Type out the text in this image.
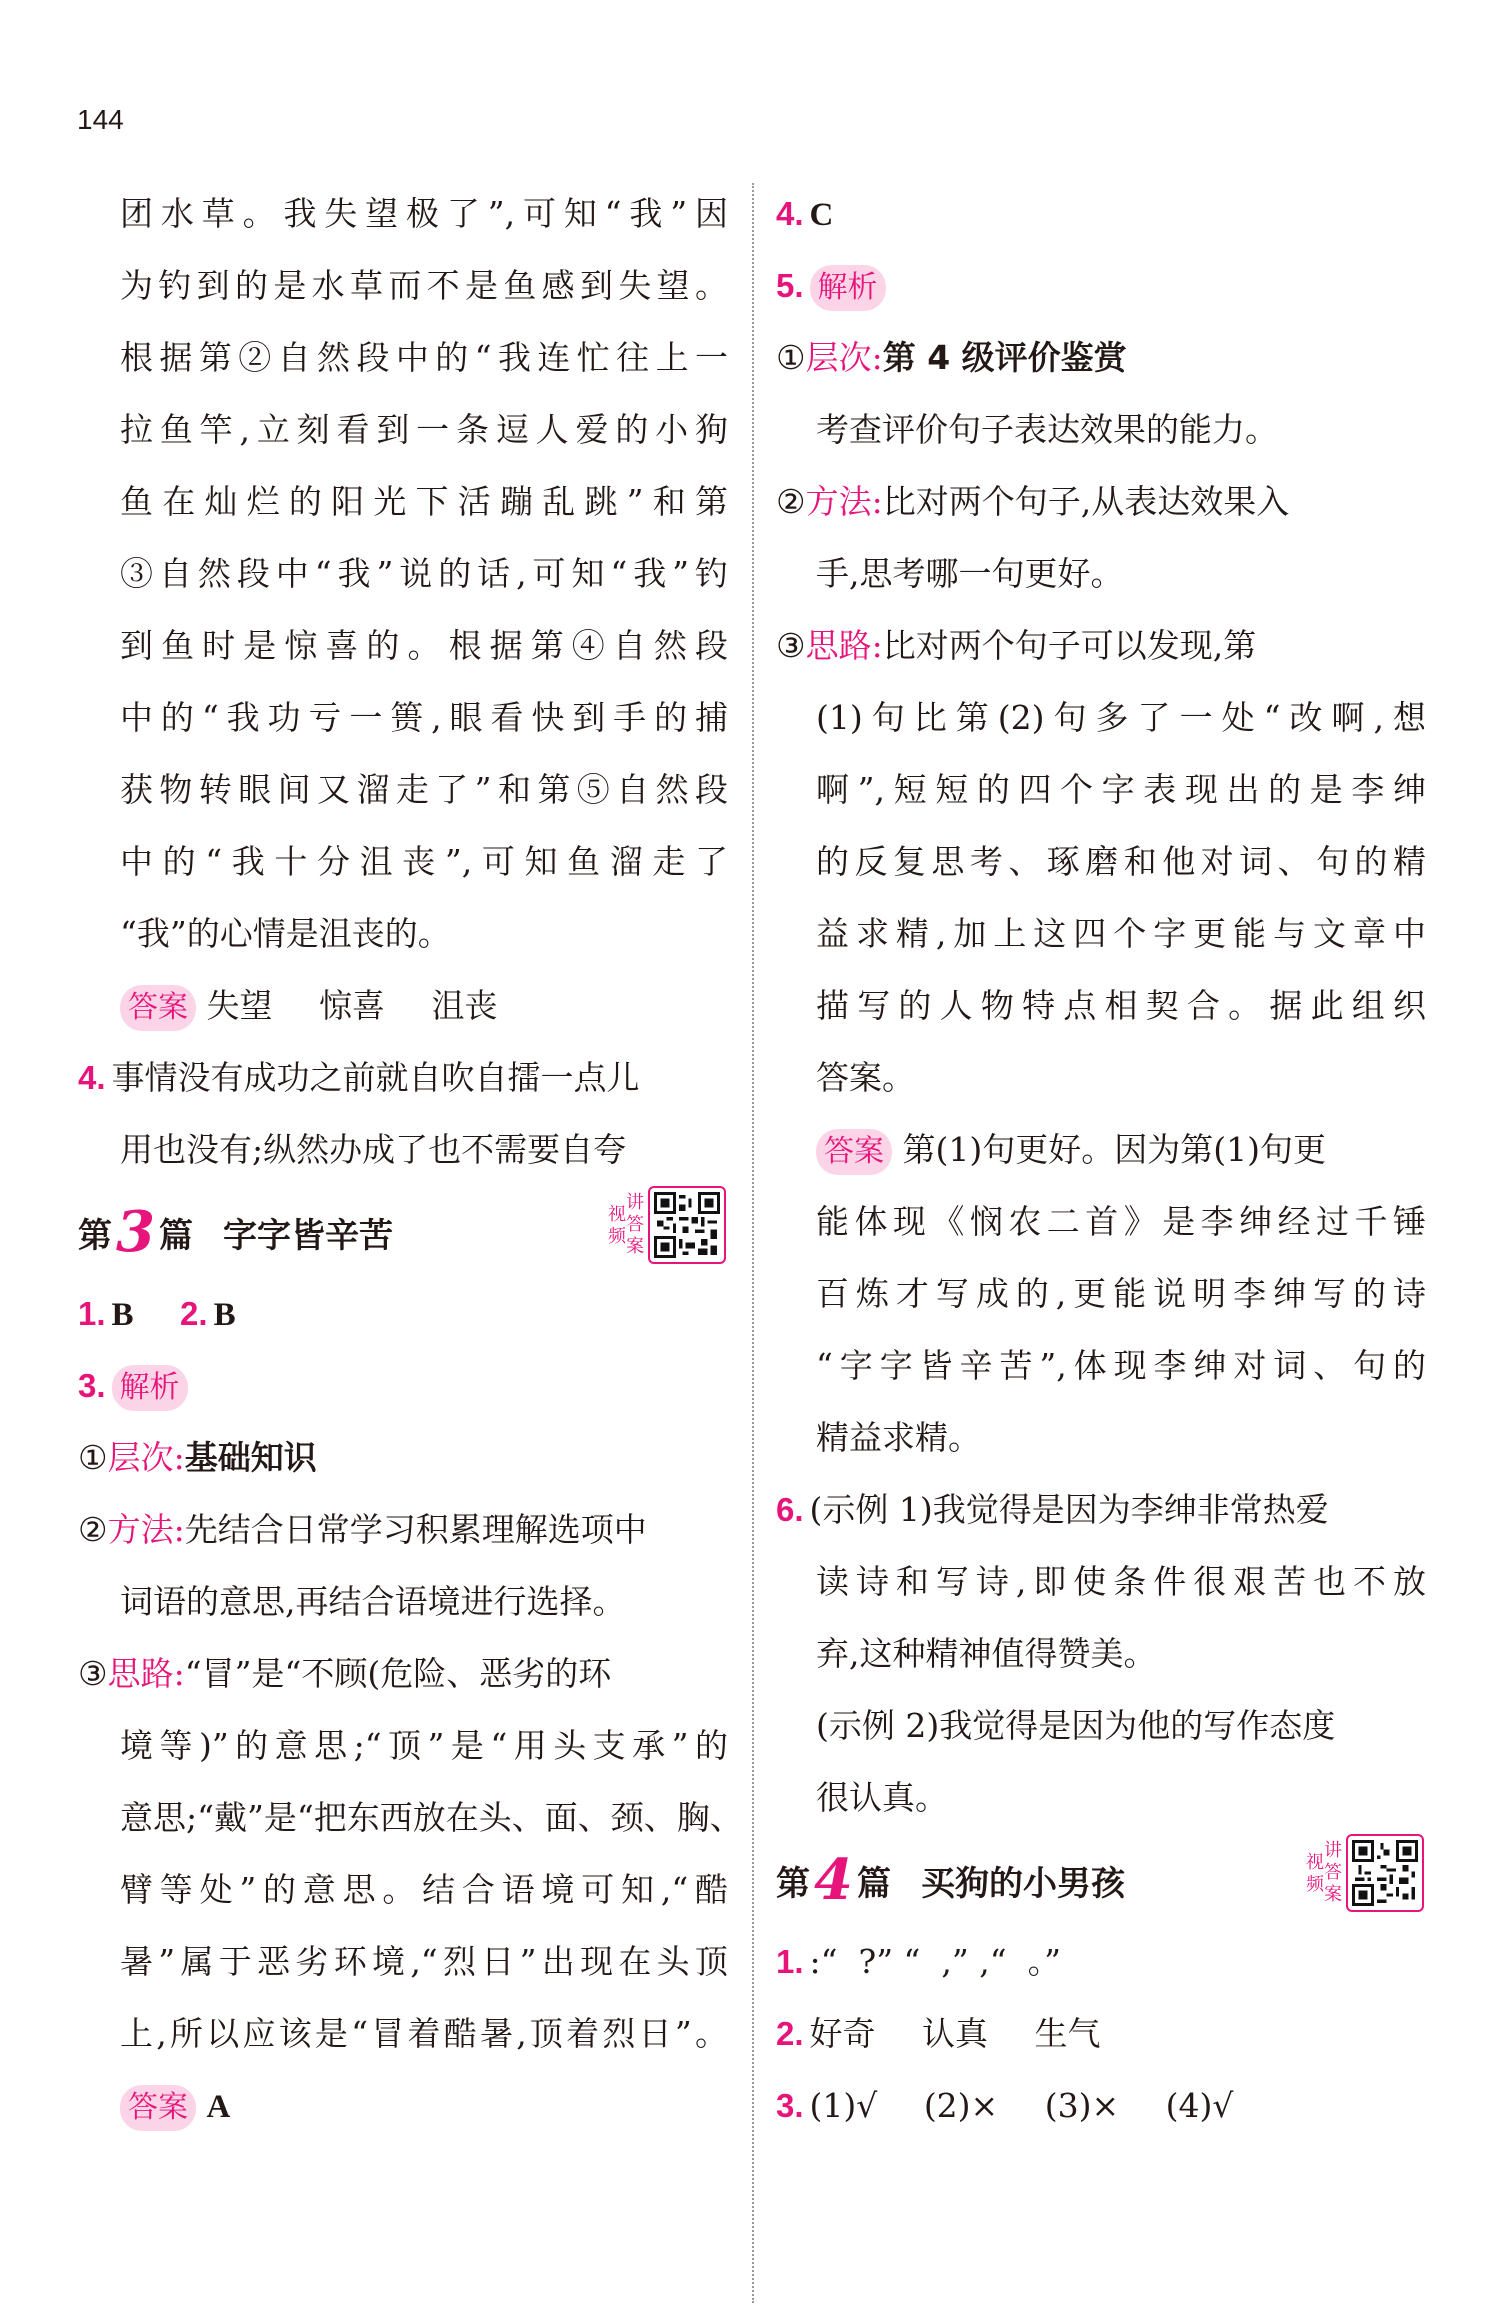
144
团水草。我失望极了”,可知“我”因
为钓到的是水草而不是鱼感到失望。
根据第②自然段中的“我连忙往上一
拉鱼竿,立刻看到一条逗人爱的小狗
鱼在灿烂的阳光下活蹦乱跳”和第
③自然段中“我”说的话,可知“我”钓
到鱼时是惊喜的。根据第④自然段
中的“我功亏一篑,眼看快到手的捕
获物转眼间又溜走了”和第⑤自然段
中的“我十分沮丧”,可知鱼溜走了
“我”的心情是沮丧的。
答案 失望 惊喜 沮丧
4. 事情没有成功之前就自吹自擂一点儿
用也没有;纵然办成了也不需要自夸
第 3 篇 字字皆辛苦
视
频
讲
答
案
1. B 2. B
3. 解析
①层次:基础知识
②方法:先结合日常学习积累理解选项中
词语的意思,再结合语境进行选择。
③思路:“冒”是“不顾(危险、恶劣的环
境等)”的意思;“顶”是“用头支承”的
意思;“戴”是“把东西放在头、面、颈、胸、
臂等处”的意思。结合语境可知,“酷
暑”属于恶劣环境,“烈日”出现在头顶
上,所以应该是“冒着酷暑,顶着烈日”。
答案 A
4. C
5. 解析
①层次:第 4 级评价鉴赏
考查评价句子表达效果的能力。
②方法:比对两个句子,从表达效果入
手,思考哪一句更好。
③思路:比对两个句子可以发现,第
(1)句比第(2)句多了一处“改啊,想
啊”,短短的四个字表现出的是李绅
的反复思考、琢磨和他对词、句的精
益求精,加上这四个字更能与文章中
描写的人物特点相契合。据此组织
答案。
答案 第(1)句更好。因为第(1)句更
能体现《悯农二首》是李绅经过千锤
百炼才写成的,更能说明李绅写的诗
“字字皆辛苦”,体现李绅对词、句的
精益求精。
6. (示例 1)我觉得是因为李绅非常热爱
读诗和写诗,即使条件很艰苦也不放
弃,这种精神值得赞美。
(示例 2)我觉得是因为他的写作态度
很认真。
第 4 篇 买狗的小男孩
视
频
讲
答
案
1. :“  ?” “  ,” ,“  。”
2. 好奇 认真 生气
3. (1)√ (2)× (3)× (4)√
